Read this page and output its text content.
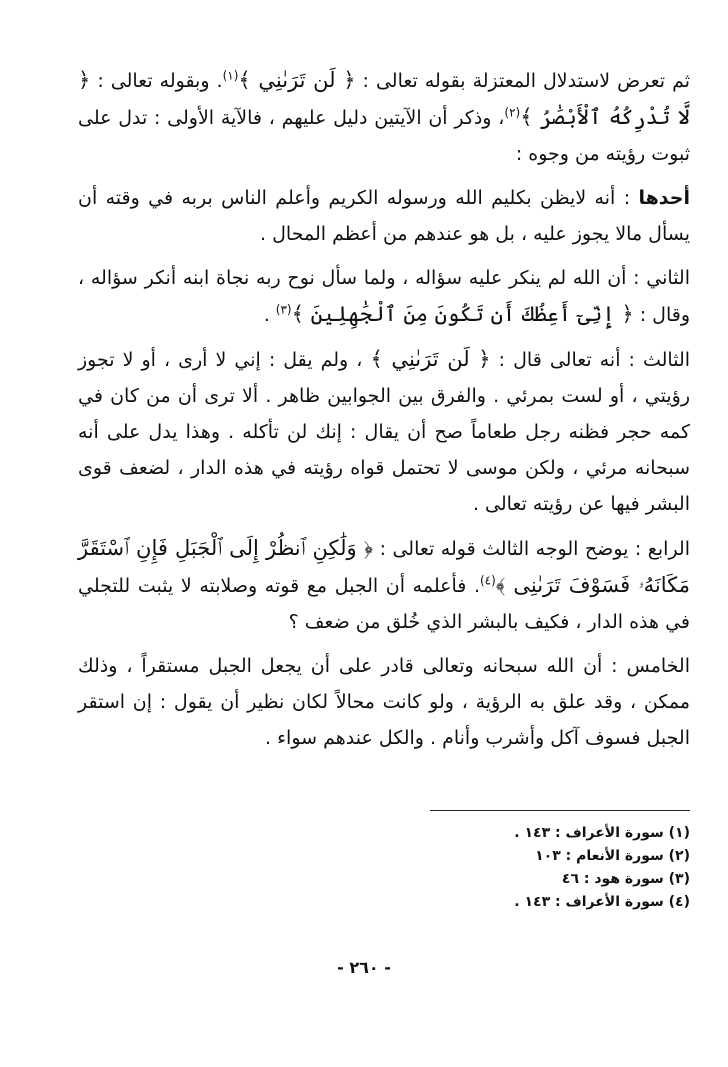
ثم تعرض لاستدلال المعتزلة بقوله تعالى : ﴿ لَن تَرَىٰنِي ﴾$^{(١)}$. وبقوله تعالى : ﴿ لَّا تُدْرِكُهُ ٱلْأَبْصَٰرُ ﴾$^{(٢)}$، وذكر أن الآيتين دليل عليهم ، فالآية الأولى : تدل على ثبوت رؤيته من وجوه :

أحدها : أنه لايظن بكليم الله ورسوله الكريم وأعلم الناس بربه في وقته أن يسأل مالا يجوز عليه ، بل هو عندهم من أعظم المحال .

الثاني : أن الله لم ينكر عليه سؤاله ، ولما سأل نوح ربه نجاة ابنه أنكر سؤاله ، وقال : ﴿ إِنِّىٓ أَعِظُكَ أَن تَكُونَ مِنَ ٱلْجَٰهِلِينَ ﴾$^{(٣)}$ .

الثالث : أنه تعالى قال : ﴿ لَن تَرَىٰنِي ﴾ ، ولم يقل : إني لا أرى ، أو لا تجوز رؤيتي ، أو لست بمرئي . والفرق بين الجوابين ظاهر . ألا ترى أن من كان في كمه حجر فظنه رجل طعاماً صح أن يقال : إنك لن تأكله . وهذا يدل على أنه سبحانه مرئي ، ولكن موسى لا تحتمل قواه رؤيته في هذه الدار ، لضعف قوى البشر فيها عن رؤيته تعالى .

الرابع : يوضح الوجه الثالث قوله تعالى : ﴿ وَلَٰكِنِ ٱنظُرْ إِلَى ٱلْجَبَلِ فَإِنِ ٱسْتَقَرَّ مَكَانَهُۥ فَسَوْفَ تَرَىٰنِى ﴾$^{(٤)}$. فأعلمه أن الجبل مع قوته وصلابته لا يثبت للتجلي في هذه الدار ، فكيف بالبشر الذي خُلق من ضعف ؟

الخامس : أن الله سبحانه وتعالى قادر على أن يجعل الجبل مستقراً ، وذلك ممكن ، وقد علق به الرؤية ، ولو كانت محالاً لكان نظير أن يقول : إن استقر الجبل فسوف آكل وأشرب وأنام . والكل عندهم سواء .

(١) سورة الأعراف : ١٤٣ .

(٢) سورة الأنعام : ١٠٣

(٣) سورة هود : ٤٦

(٤) سورة الأعراف : ١٤٣ .

- ٢٦٠ -
